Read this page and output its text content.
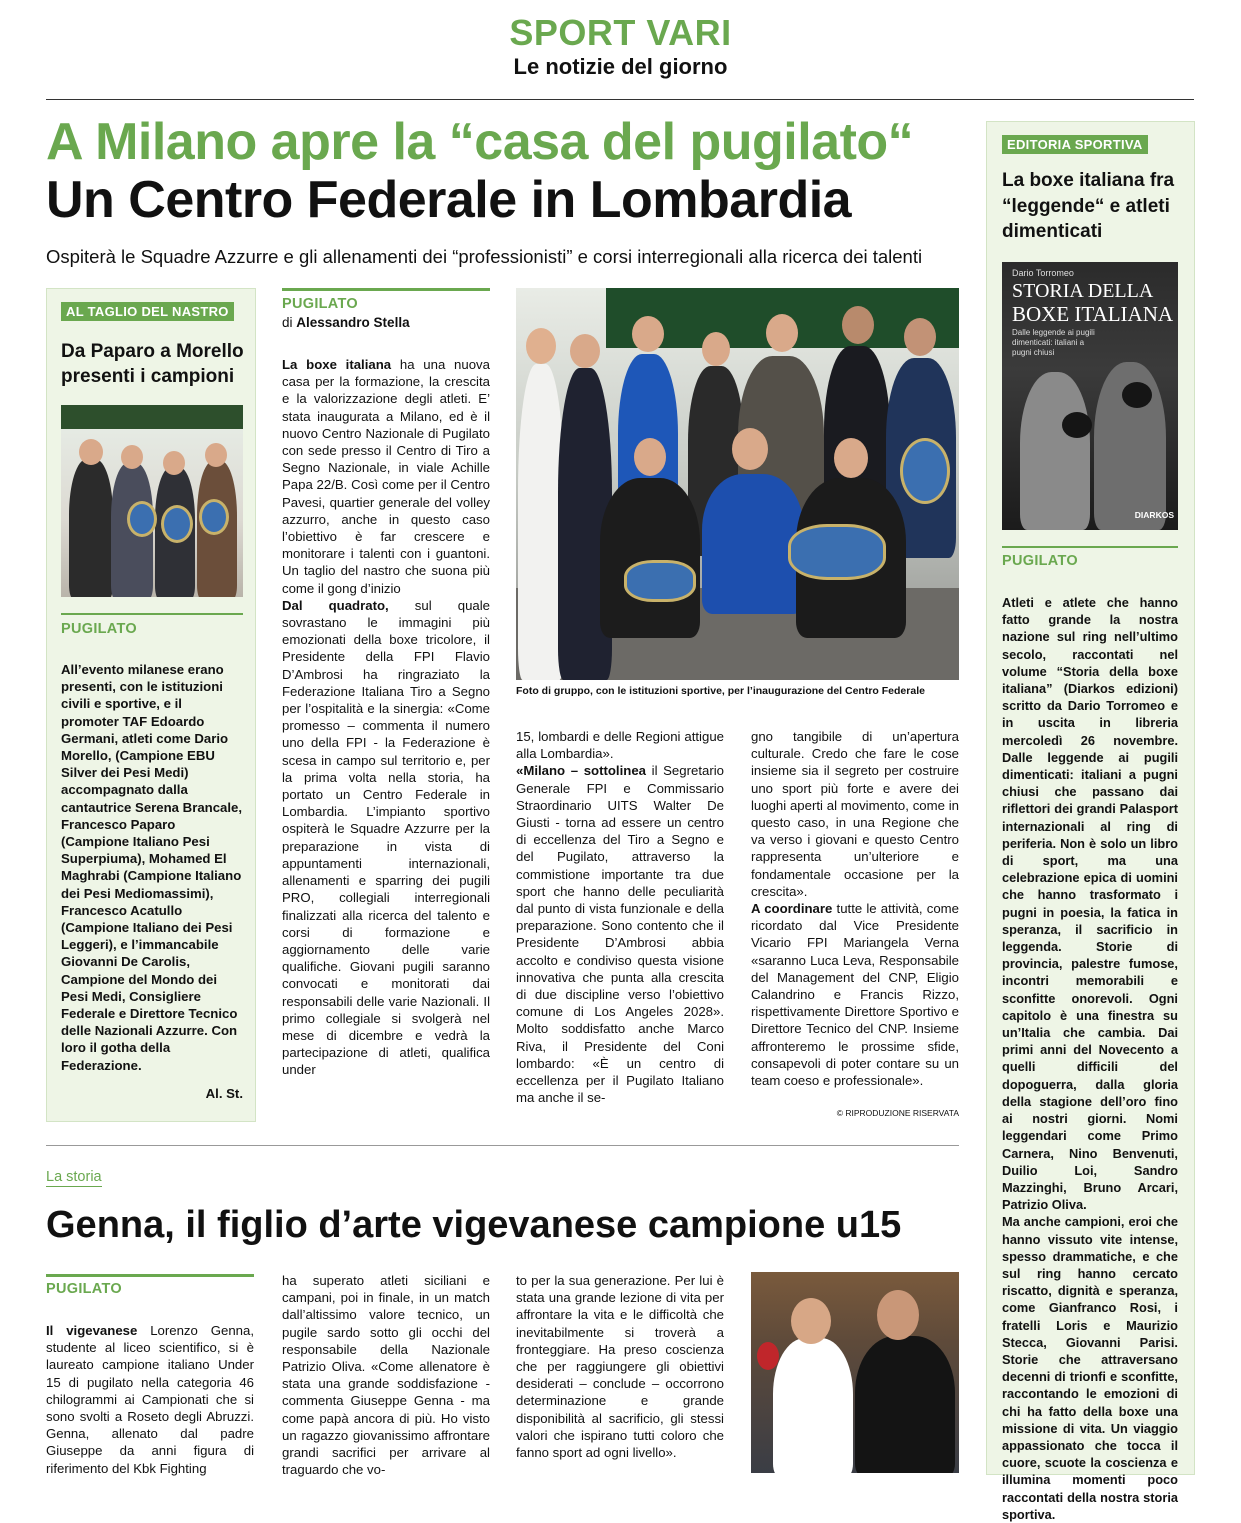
SPORT VARI
Le notizie del giorno
A Milano apre la “casa del pugilato“
Un Centro Federale in Lombardia
Ospiterà le Squadre Azzurre e gli allenamenti dei “professionisti” e corsi interregionali alla ricerca dei talenti
AL TAGLIO DEL NASTRO
Da Paparo a Morello presenti i campioni
PUGILATO
All’evento milanese erano presenti, con le istituzioni civili e sportive, e il promoter TAF Edoardo Germani, atleti come Dario Morello, (Campione EBU Silver dei Pesi Medi) accompagnato dalla cantautrice Serena Brancale, Francesco Paparo (Campione Italiano Pesi Superpiuma), Mohamed El Maghrabi (Campione Italiano dei Pesi Mediomassimi), Francesco Acatullo (Campione Italiano dei Pesi Leggeri), e l’immancabile Giovanni De Carolis, Campione del Mondo dei Pesi Medi, Consigliere Federale e Direttore Tecnico delle Nazionali Azzurre. Con loro il gotha della Federazione.
Al. St.
PUGILATO
di Alessandro Stella

La boxe italiana ha una nuova casa per la formazione, la crescita e la valorizzazione degli atleti. E’ stata inaugurata a Milano, ed è il nuovo Centro Nazionale di Pugilato con sede presso il Centro di Tiro a Segno Nazionale, in viale Achille Papa 22/B. Così come per il Centro Pavesi, quartier generale del volley azzurro, anche in questo caso l’obiettivo è far crescere e monitorare i talenti con i guantoni. Un taglio del nastro che suona più come il gong d’inizio

Dal quadrato, sul quale sovrastano le immagini più emozionati della boxe tricolore, il Presidente della FPI Flavio D’Ambrosi ha ringraziato la Federazione Italiana Tiro a Segno per l’ospitalità e la sinergia: «Come promesso – commenta il numero uno della FPI - la Federazione è scesa in campo sul territorio e, per la prima volta nella storia, ha portato un Centro Federale in Lombardia. L’impianto sportivo ospiterà le Squadre Azzurre per la preparazione in vista di appuntamenti internazionali, allenamenti e sparring dei pugili PRO, collegiali interregionali finalizzati alla ricerca del talento e corsi di formazione e aggiornamento delle varie qualifiche. Giovani pugili saranno convocati e monitorati dai responsabili delle varie Nazionali. Il primo collegiale si svolgerà nel mese di dicembre e vedrà la partecipazione di atleti, qualifica under

Foto di gruppo, con le istituzioni sportive, per l’inaugurazione del Centro Federale

15, lombardi e delle Regioni attigue alla Lombardia».

«Milano – sottolinea il Segretario Generale FPI e Commissario Straordinario UITS Walter De Giusti - torna ad essere un centro di eccellenza del Tiro a Segno e del Pugilato, attraverso la commistione importante tra due sport che hanno delle peculiarità dal punto di vista funzionale e della preparazione. Sono contento che il Presidente D’Ambrosi abbia accolto e condiviso questa visione innovativa che punta alla crescita di due discipline verso l’obiettivo comune di Los Angeles 2028». Molto soddisfatto anche Marco Riva, il Presidente del Coni lombardo: «È un centro di eccellenza per il Pugilato Italiano ma anche il se-

gno tangibile di un’apertura culturale. Credo che fare le cose insieme sia il segreto per costruire uno sport più forte e avere dei luoghi aperti al movimento, come in questo caso, in una Regione che va verso i giovani e questo Centro rappresenta un’ulteriore e fondamentale occasione per la crescita».

A coordinare tutte le attività, come ricordato dal Vice Presidente Vicario FPI Mariangela Verna «saranno Luca Leva, Responsabile del Management del CNP, Eligio Calandrino e Francis Rizzo, rispettivamente Direttore Sportivo e Direttore Tecnico del CNP. Insieme affronteremo le prossime sfide, consapevoli di poter contare su un team coeso e professionale».

© RIPRODUZIONE RISERVATA
EDITORIA SPORTIVA
La boxe italiana fra “leggende“ e atleti dimenticati
Dario Torromeo
STORIA DELLA
BOXE ITALIANA
Dalle leggende ai pugili dimenticati: italiani a pugni chiusi
DIARKOS
PUGILATO

Atleti e atlete che hanno fatto grande la nostra nazione sul ring nell’ultimo secolo, raccontati nel volume “Storia della boxe italiana” (Diarkos edizioni) scritto da Dario Torromeo e in uscita in libreria mercoledì 26 novembre. Dalle leggende ai pugili dimenticati: italiani a pugni chiusi che passano dai riflettori dei grandi Palasport internazionali al ring di periferia. Non è solo un libro di sport, ma una celebrazione epica di uomini che hanno trasformato i pugni in poesia, la fatica in speranza, il sacrificio in leggenda. Storie di provincia, palestre fumose, incontri memorabili e sconfitte onorevoli. Ogni capitolo è una finestra su un’Italia che cambia. Dai primi anni del Novecento a quelli difficili del dopoguerra, dalla gloria della stagione dell’oro fino ai nostri giorni. Nomi leggendari come Primo Carnera, Nino Benvenuti, Duilio Loi, Sandro Mazzinghi, Bruno Arcari, Patrizio Oliva.

Ma anche campioni, eroi che hanno vissuto vite intense, spesso drammatiche, e che sul ring hanno cercato riscatto, dignità e speranza, come Gianfranco Rosi, i fratelli Loris e Maurizio Stecca, Giovanni Parisi. Storie che attraversano decenni di trionfi e sconfitte, raccontando le emozioni di chi ha fatto della boxe una missione di vita. Un viaggio appassionato che tocca il cuore, scuote la coscienza e illumina momenti poco raccontati della nostra storia sportiva.

La storia
Genna, il figlio d’arte vigevanese campione u15
PUGILATO
Il vigevanese Lorenzo Genna, studente al liceo scientifico, si è laureato campione italiano Under 15 di pugilato nella categoria 46 chilogrammi ai Campionati che si sono svolti a Roseto degli Abruzzi. Genna, allenato dal padre Giuseppe da anni figura di riferimento del Kbk Fighting
ha superato atleti siciliani e campani, poi in finale, in un match dall’altissimo valore tecnico, un pugile sardo sotto gli occhi del responsabile della Nazionale Patrizio Oliva. «Come allenatore è stata una grande soddisfazione - commenta Giuseppe Genna - ma come papà ancora di più. Ho visto un ragazzo giovanissimo affrontare grandi sacrifici per arrivare al traguardo che vo-
to per la sua generazione. Per lui è stata una grande lezione di vita per affrontare la vita e le difficoltà che inevitabilmente si troverà a fronteggiare. Ha preso coscienza che per raggiungere gli obiettivi desiderati – conclude – occorrono determinazione e grande disponibilità al sacrificio, gli stessi valori che ispirano tutti coloro che fanno sport ad ogni livello».
